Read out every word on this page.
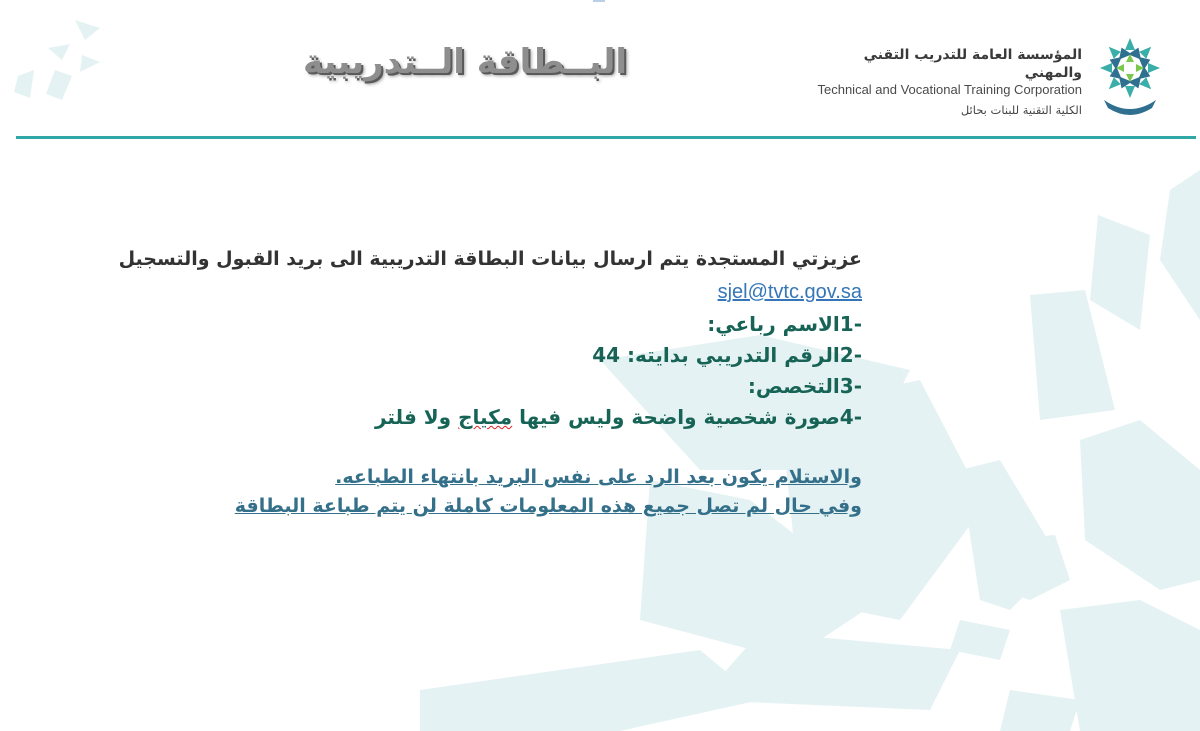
البــطاقة الــتدريبية	المؤسسة العامة للتدريب التقني والمهني
Technical and Vocational Training Corporation
الكلية التقنية للبنات بحائل
عزيزتي المستجدة يتم ارسال بيانات البطاقة التدريبية الى بريد القبول والتسجيل
sjel@tvtc.gov.sa
1-الاسم رباعي:
2-الرقم التدريبي بدايته: 44
3-التخصص:
4-صورة شخصية واضحة وليس فيها مكياج ولا فلتر
والاستلام يكون بعد الرد على نفس البريد بانتهاء الطباعه.
وفي حال لم تصل جميع هذه المعلومات كاملة لن يتم طباعة البطاقة
